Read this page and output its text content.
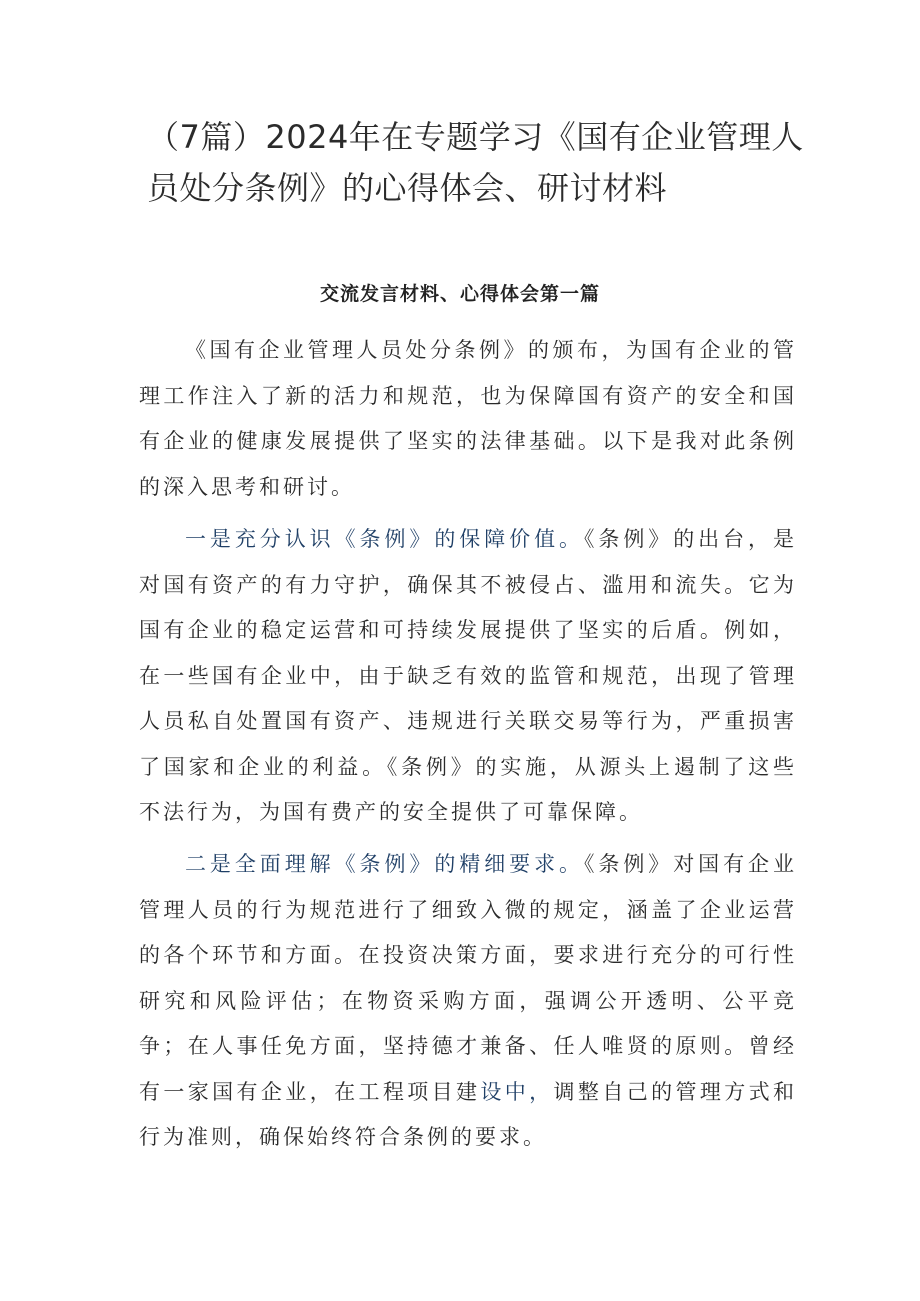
（7篇）2024年在专题学习《国有企业管理人员处分条例》的心得体会、研讨材料
交流发言材料、心得体会第一篇

《国有企业管理人员处分条例》的颁布，为国有企业的管理工作注入了新的活力和规范，也为保障国有资产的安全和国有企业的健康发展提供了坚实的法律基础。以下是我对此条例的深入思考和研讨。

一是充分认识《条例》的保障价值。《条例》的出台，是对国有资产的有力守护，确保其不被侵占、滥用和流失。它为国有企业的稳定运营和可持续发展提供了坚实的后盾。例如，在一些国有企业中，由于缺乏有效的监管和规范，出现了管理人员私自处置国有资产、违规进行关联交易等行为，严重损害了国家和企业的利益。《条例》的实施，从源头上遏制了这些不法行为，为国有费产的安全提供了可靠保障。

二是全面理解《条例》的精细要求。《条例》对国有企业管理人员的行为规范进行了细致入微的规定，涵盖了企业运营的各个环节和方面。在投资决策方面，要求进行充分的可行性研究和风险评估；在物资采购方面，强调公开透明、公平竞争；在人事任免方面，坚持德才兼备、任人唯贤的原则。曾经有一家国有企业，在工程项目建设中，调整自己的管理方式和行为准则，确保始终符合条例的要求。
